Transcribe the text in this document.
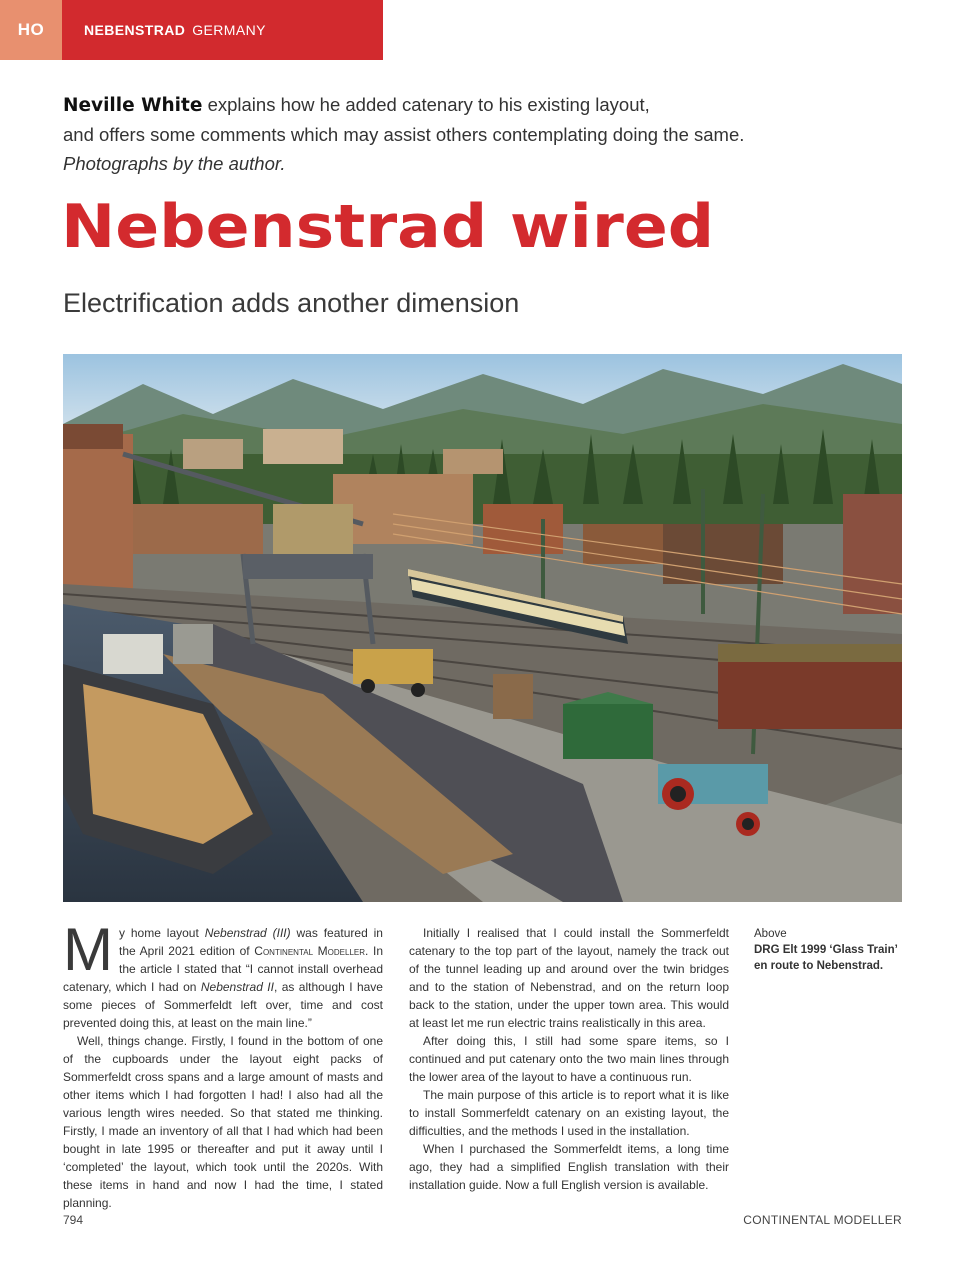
HO	NEBENSTRAD GERMANY
Neville White explains how he added catenary to his existing layout,
and offers some comments which may assist others contemplating doing the same.
Photographs by the author.
Nebenstrad wired
Electrification adds another dimension

My home layout Nebenstrad (III) was featured in the April 2021 edition of Continental Modeller. In the article I stated that “I cannot install overhead catenary, which I had on Nebenstrad II, as although I have some pieces of Sommerfeldt left over, time and cost prevented doing this, at least on the main line.”

Well, things change. Firstly, I found in the bottom of one of the cupboards under the layout eight packs of Sommerfeldt cross spans and a large amount of masts and other items which I had forgotten I had! I also had all the various length wires needed. So that stated me thinking. Firstly, I made an inventory of all that I had which had been bought in late 1995 or thereafter and put it away until I ‘completed’ the layout, which took until the 2020s. With these items in hand and now I had the time, I stated planning.

Initially I realised that I could install the Sommerfeldt catenary to the top part of the layout, namely the track out of the tunnel leading up and around over the twin bridges and to the station of Nebenstrad, and on the return loop back to the station, under the upper town area. This would at least let me run electric trains realistically in this area.

After doing this, I still had some spare items, so I continued and put catenary onto the two main lines through the lower area of the layout to have a continuous run.

The main purpose of this article is to report what it is like to install Sommerfeldt catenary on an existing layout, the difficulties, and the methods I used in the installation.

When I purchased the Sommerfeldt items, a long time ago, they had a simplified English translation with their installation guide. Now a full English version is available.

Above
DRG Elt 1999 ‘Glass Train’ en route to Nebenstrad.
794	CONTINENTAL MODELLER
